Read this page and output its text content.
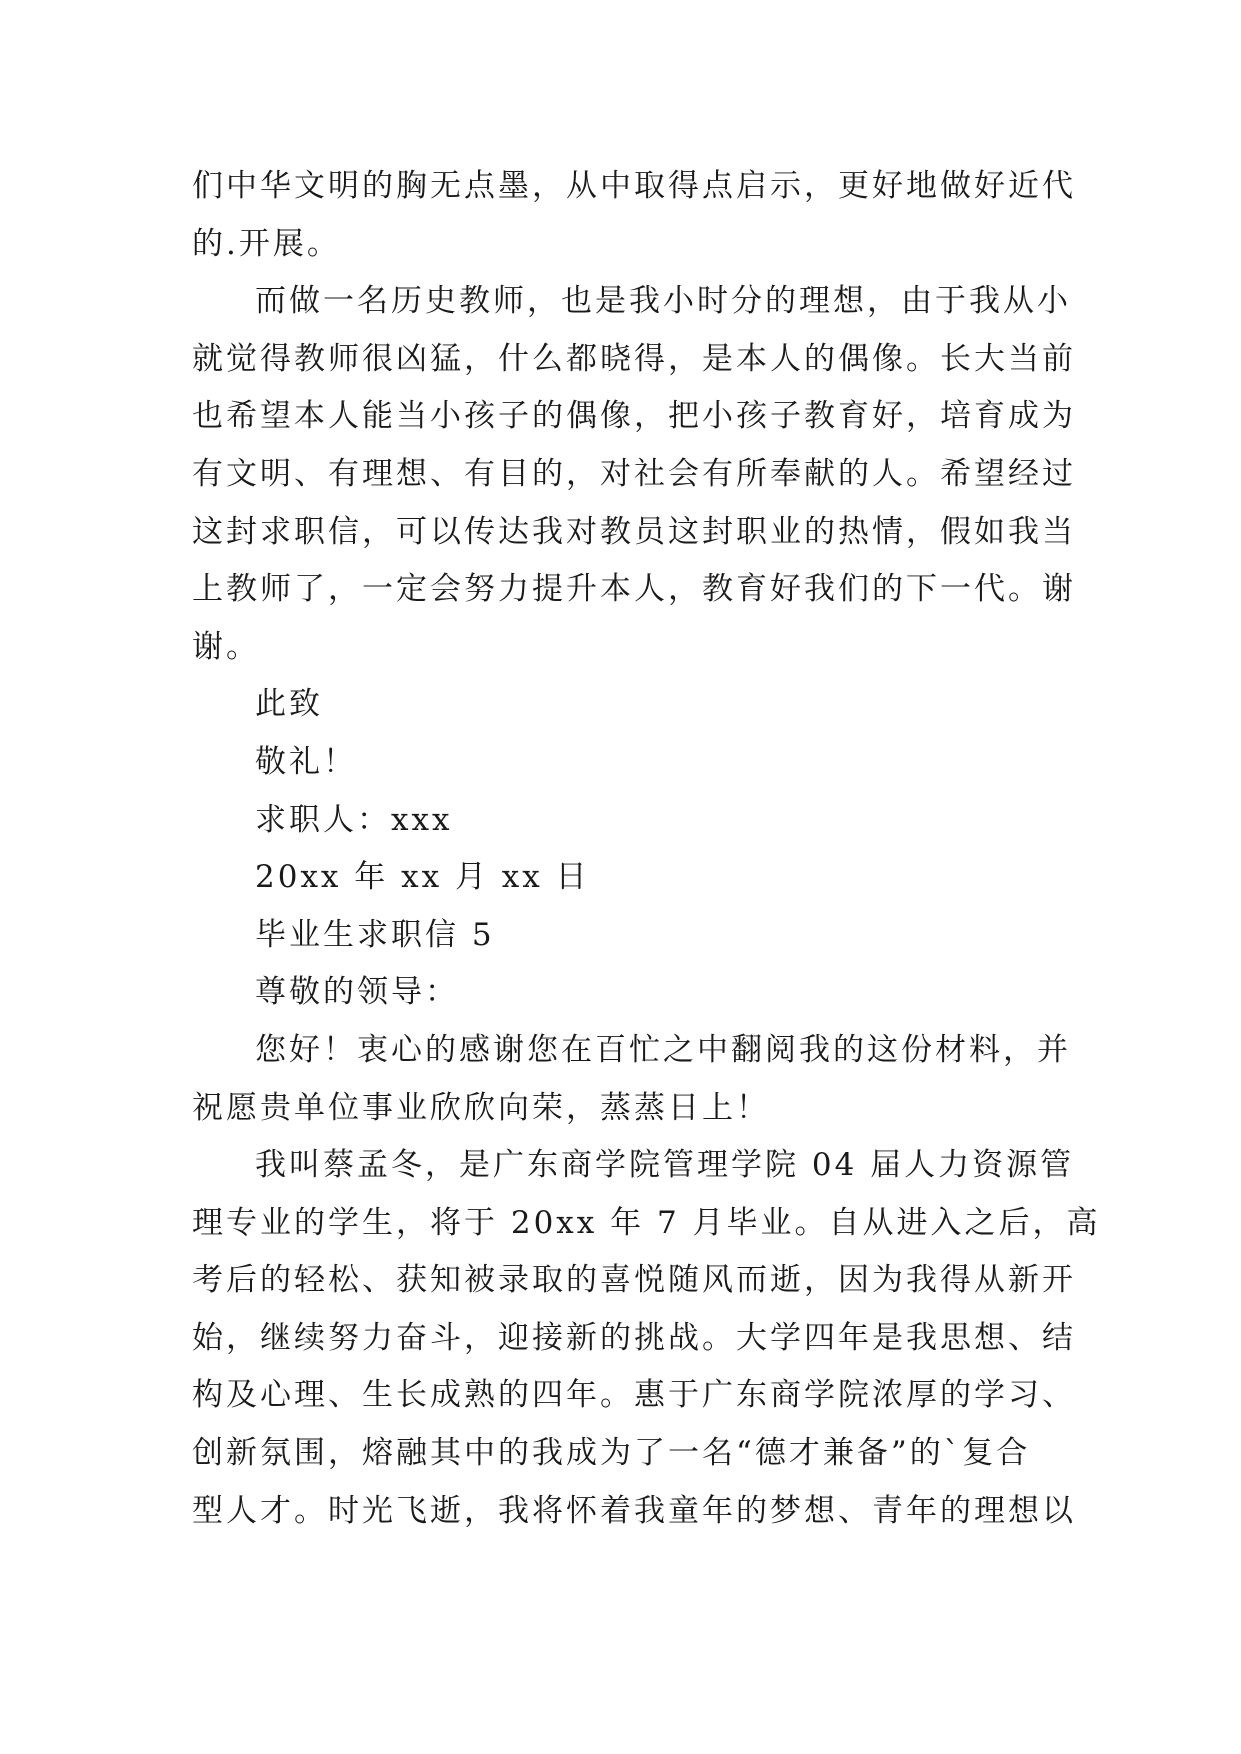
们中华文明的胸无点墨，从中取得点启示，更好地做好近代
的.开展。
而做一名历史教师，也是我小时分的理想，由于我从小
就觉得教师很凶猛，什么都晓得，是本人的偶像。长大当前
也希望本人能当小孩子的偶像，把小孩子教育好，培育成为
有文明、有理想、有目的，对社会有所奉献的人。希望经过
这封求职信，可以传达我对教员这封职业的热情，假如我当
上教师了，一定会努力提升本人，教育好我们的下一代。谢
谢。
此致
敬礼！
求职人：xxx
20xx 年 xx 月 xx 日
毕业生求职信 5
尊敬的领导：
您好！衷心的感谢您在百忙之中翻阅我的这份材料，并
祝愿贵单位事业欣欣向荣，蒸蒸日上！
我叫蔡孟冬，是广东商学院管理学院 04 届人力资源管
理专业的学生，将于 20xx 年 7 月毕业。自从进入之后，高
考后的轻松、获知被录取的喜悦随风而逝，因为我得从新开
始，继续努力奋斗，迎接新的挑战。大学四年是我思想、结
构及心理、生长成熟的四年。惠于广东商学院浓厚的学习、
创新氛围，熔融其中的我成为了一名“德才兼备”的`复合
型人才。时光飞逝，我将怀着我童年的梦想、青年的理想以
